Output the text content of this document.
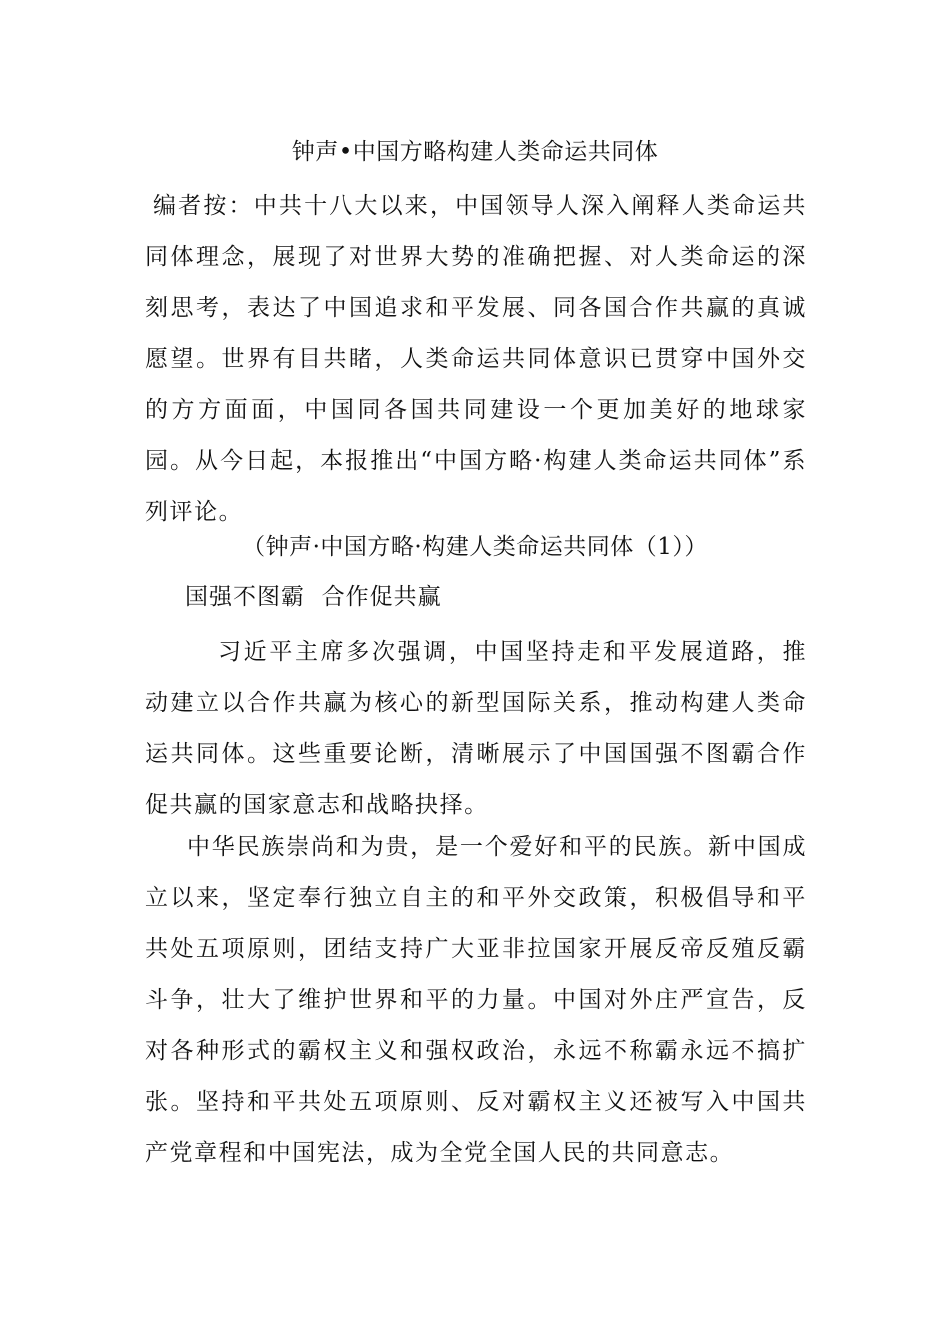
钟声•中国方略构建人类命运共同体

编者按：中共十八大以来，中国领导人深入阐释人类命运共同体理念，展现了对世界大势的准确把握、对人类命运的深刻思考，表达了中国追求和平发展、同各国合作共赢的真诚愿望。世界有目共睹，人类命运共同体意识已贯穿中国外交的方方面面，中国同各国共同建设一个更加美好的地球家园。从今日起，本报推出“中国方略·构建人类命运共同体”系列评论。

（钟声·中国方略·构建人类命运共同体（1））
国强不图霸  合作促共赢

习近平主席多次强调，中国坚持走和平发展道路，推动建立以合作共赢为核心的新型国际关系，推动构建人类命运共同体。这些重要论断，清晰展示了中国国强不图霸合作促共赢的国家意志和战略抉择。

中华民族崇尚和为贵，是一个爱好和平的民族。新中国成立以来，坚定奉行独立自主的和平外交政策，积极倡导和平共处五项原则，团结支持广大亚非拉国家开展反帝反殖反霸斗争，壮大了维护世界和平的力量。中国对外庄严宣告，反对各种形式的霸权主义和强权政治，永远不称霸永远不搞扩张。坚持和平共处五项原则、反对霸权主义还被写入中国共产党章程和中国宪法，成为全党全国人民的共同意志。
